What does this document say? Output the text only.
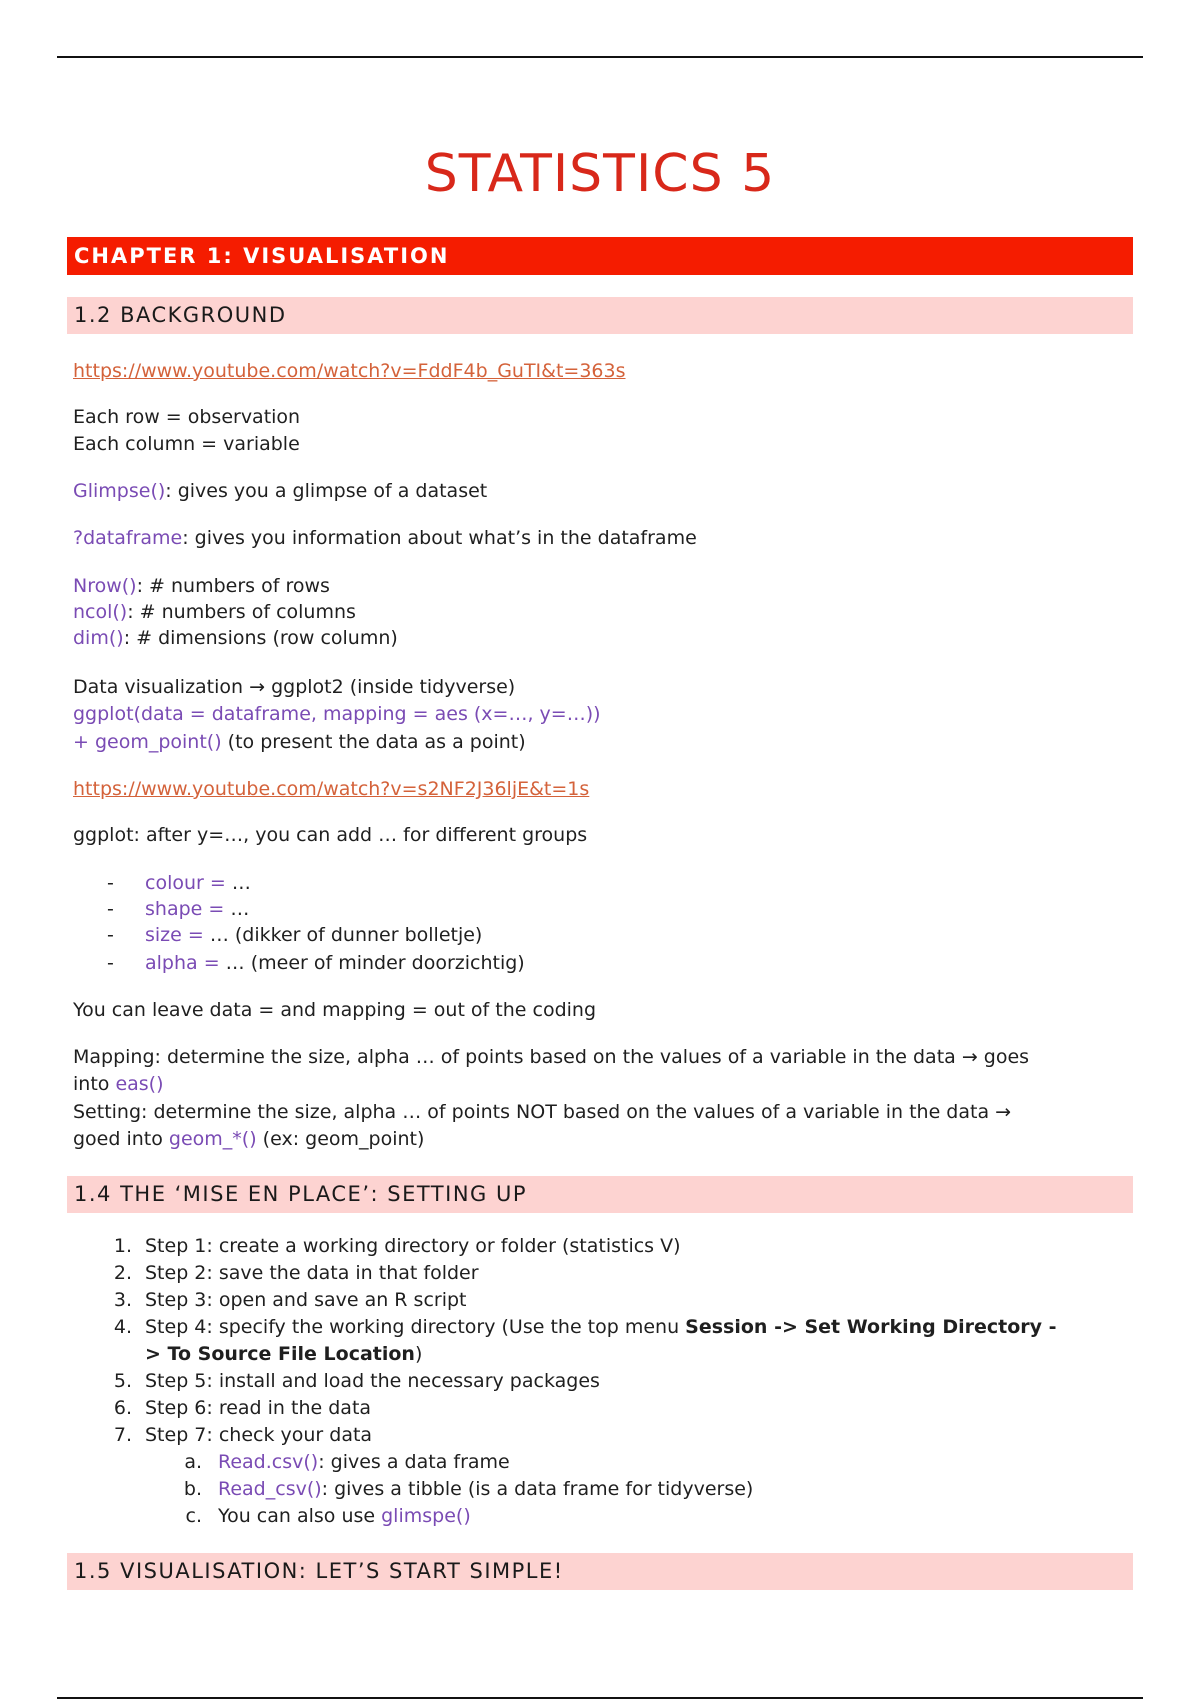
STATISTICS 5
CHAPTER 1: VISUALISATION
1.2 BACKGROUND
https://www.youtube.com/watch?v=FddF4b_GuTI&t=363s
Each row = observation
Each column = variable
Glimpse(): gives you a glimpse of a dataset
?dataframe: gives you information about what’s in the dataframe
Nrow(): # numbers of rows
ncol(): # numbers of columns
dim(): # dimensions (row column)
Data visualization → ggplot2 (inside tidyverse)
ggplot(data = dataframe, mapping = aes (x=…, y=…))
+ geom_point() (to present the data as a point)
https://www.youtube.com/watch?v=s2NF2J36ljE&t=1s
ggplot: after y=…, you can add … for different groups
- colour = …
- shape = …
- size = … (dikker of dunner bolletje)
- alpha = … (meer of minder doorzichtig)
You can leave data = and mapping = out of the coding
Mapping: determine the size, alpha … of points based on the values of a variable in the data → goes
into eas()
Setting: determine the size, alpha … of points NOT based on the values of a variable in the data →
goed into geom_*() (ex: geom_point)
1.4 THE ‘MISE EN PLACE’: SETTING UP
1. Step 1: create a working directory or folder (statistics V)
2. Step 2: save the data in that folder
3. Step 3: open and save an R script
4. Step 4: specify the working directory (Use the top menu Session -> Set Working Directory -
> To Source File Location)
5. Step 5: install and load the necessary packages
6. Step 6: read in the data
7. Step 7: check your data
a. Read.csv(): gives a data frame
b. Read_csv(): gives a tibble (is a data frame for tidyverse)
c. You can also use glimspe()
1.5 VISUALISATION: LET’S START SIMPLE!
